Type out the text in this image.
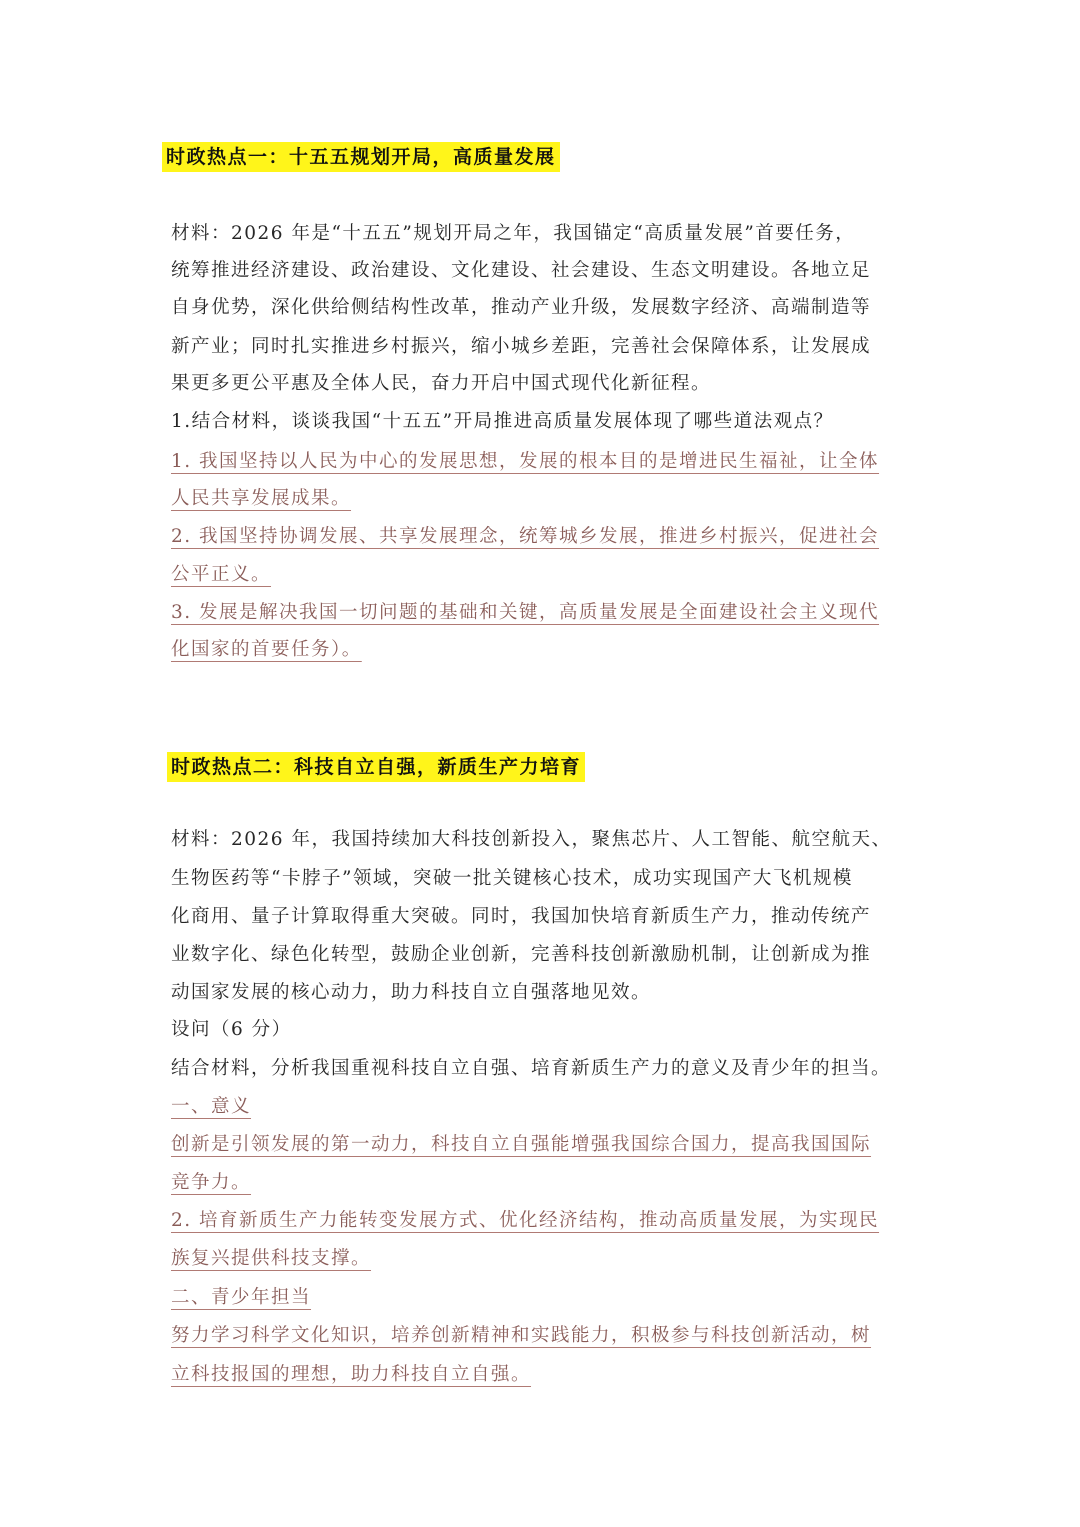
时政热点一：十五五规划开局，高质量发展
材料：2026 年是“十五五”规划开局之年，我国锚定“高质量发展”首要任务，
统筹推进经济建设、政治建设、文化建设、社会建设、生态文明建设。各地立足
自身优势，深化供给侧结构性改革，推动产业升级，发展数字经济、高端制造等
新产业；同时扎实推进乡村振兴，缩小城乡差距，完善社会保障体系，让发展成
果更多更公平惠及全体人民，奋力开启中国式现代化新征程。
1.结合材料，谈谈我国“十五五”开局推进高质量发展体现了哪些道法观点？
1. 我国坚持以人民为中心的发展思想，发展的根本目的是增进民生福祉，让全体
人民共享发展成果。
2. 我国坚持协调发展、共享发展理念，统筹城乡发展，推进乡村振兴，促进社会
公平正义。
3. 发展是解决我国一切问题的基础和关键，高质量发展是全面建设社会主义现代
化国家的首要任务）。
时政热点二：科技自立自强，新质生产力培育
材料：2026 年，我国持续加大科技创新投入，聚焦芯片、人工智能、航空航天、
生物医药等“卡脖子”领域，突破一批关键核心技术，成功实现国产大飞机规模
化商用、量子计算取得重大突破。同时，我国加快培育新质生产力，推动传统产
业数字化、绿色化转型，鼓励企业创新，完善科技创新激励机制，让创新成为推
动国家发展的核心动力，助力科技自立自强落地见效。
设问（6 分）
结合材料，分析我国重视科技自立自强、培育新质生产力的意义及青少年的担当。
一、意义
创新是引领发展的第一动力，科技自立自强能增强我国综合国力，提高我国国际
竞争力。
2. 培育新质生产力能转变发展方式、优化经济结构，推动高质量发展，为实现民
族复兴提供科技支撑。
二、青少年担当
努力学习科学文化知识，培养创新精神和实践能力，积极参与科技创新活动，树
立科技报国的理想，助力科技自立自强。
